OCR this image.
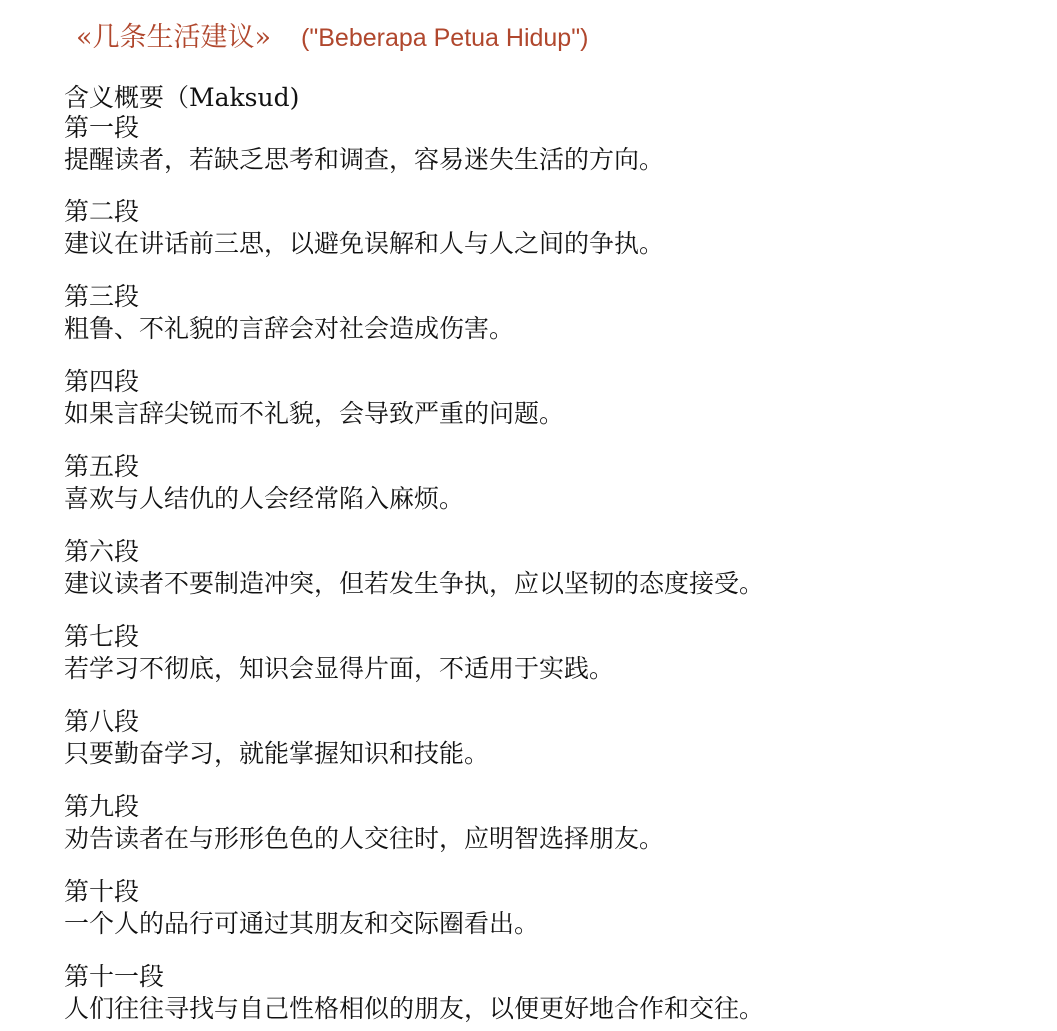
«几条生活建议» ("Beberapa Petua Hidup")
含义概要（Maksud)
第一段
提醒读者，若缺乏思考和调查，容易迷失生活的方向。
第二段
建议在讲话前三思，以避免误解和人与人之间的争执。
第三段
粗鲁、不礼貌的言辞会对社会造成伤害。
第四段
如果言辞尖锐而不礼貌，会导致严重的问题。
第五段
喜欢与人结仇的人会经常陷入麻烦。
第六段
建议读者不要制造冲突，但若发生争执，应以坚韧的态度接受。
第七段
若学习不彻底，知识会显得片面，不适用于实践。
第八段
只要勤奋学习，就能掌握知识和技能。
第九段
劝告读者在与形形色色的人交往时，应明智选择朋友。
第十段
一个人的品行可通过其朋友和交际圈看出。
第十一段
人们往往寻找与自己性格相似的朋友，以便更好地合作和交往。
